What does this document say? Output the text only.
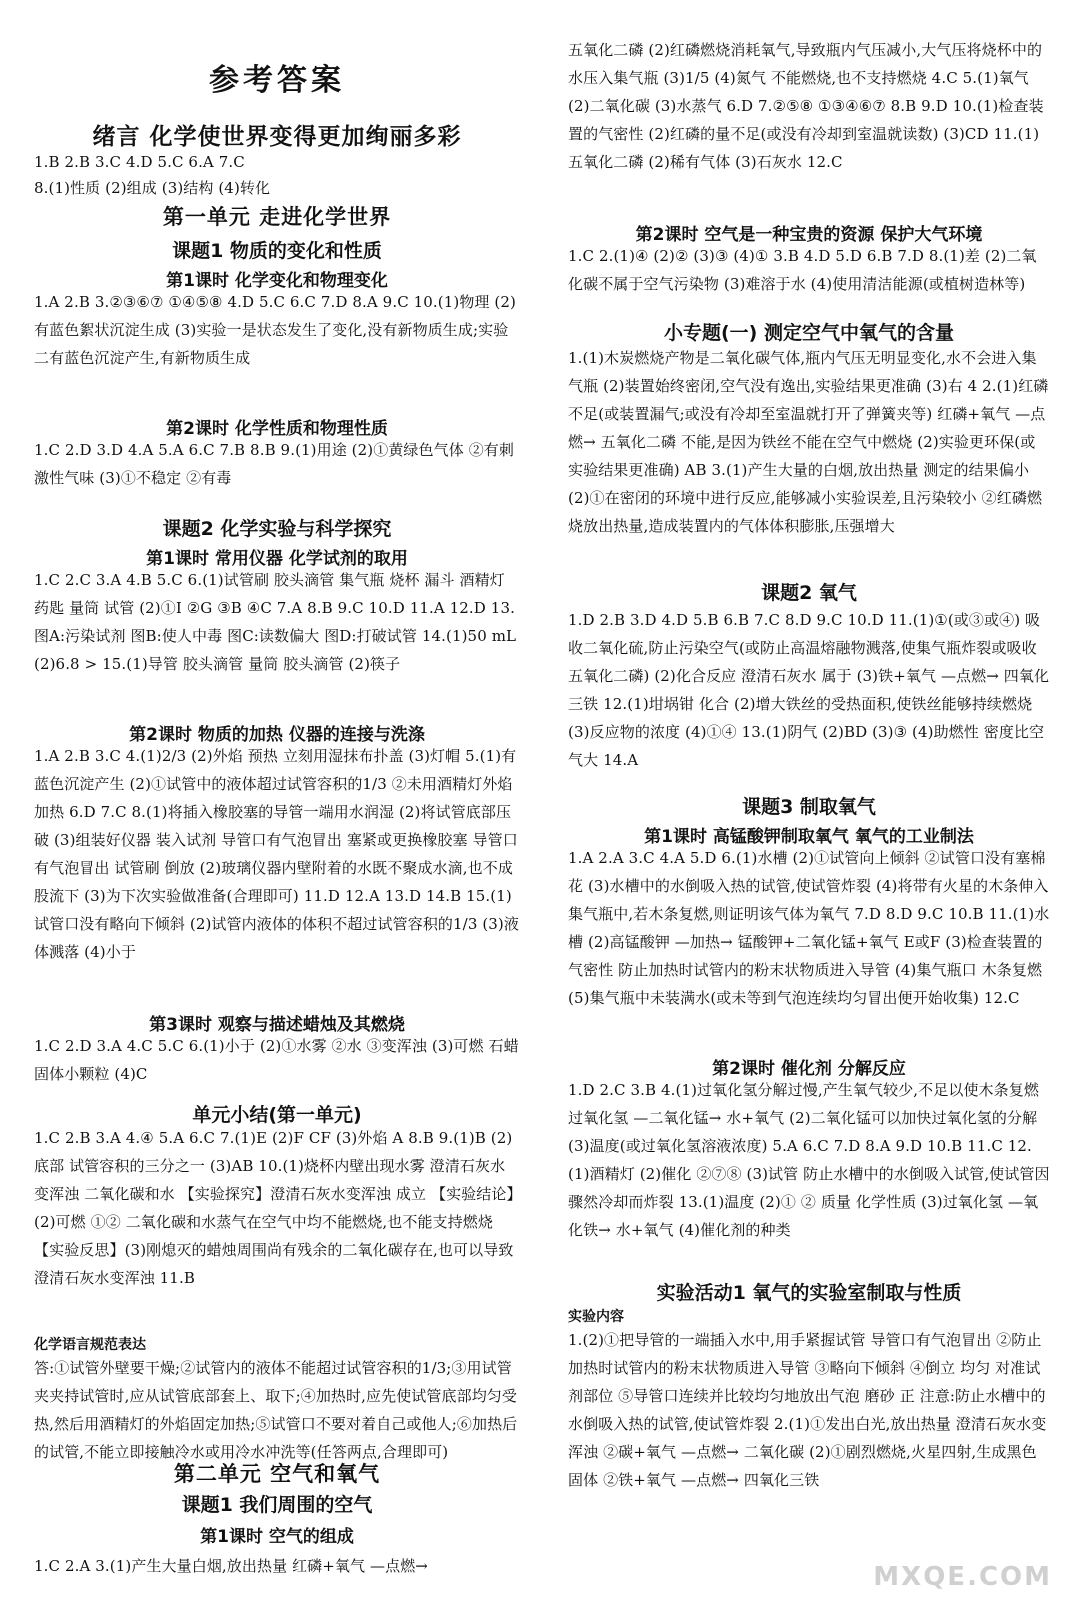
参考答案
绪言 化学使世界变得更加绚丽多彩
1.B 2.B 3.C 4.D 5.C 6.A 7.C
8.(1)性质 (2)组成 (3)结构 (4)转化
第一单元 走进化学世界
课题1 物质的变化和性质
第1课时 化学变化和物理变化
1.A 2.B 3.②③⑥⑦ ①④⑤⑧ 4.D 5.C 6.C 7.D 8.A 9.C 10.(1)物理 (2)有蓝色絮状沉淀生成 (3)实验一是状态发生了变化,没有新物质生成;实验二有蓝色沉淀产生,有新物质生成
第2课时 化学性质和物理性质
1.C 2.D 3.D 4.A 5.A 6.C 7.B 8.B 9.(1)用途 (2)①黄绿色气体 ②有刺激性气味 (3)①不稳定 ②有毒
课题2 化学实验与科学探究
第1课时 常用仪器 化学试剂的取用
1.C 2.C 3.A 4.B 5.C 6.(1)试管刷 胶头滴管 集气瓶 烧杯 漏斗 酒精灯 药匙 量筒 试管 (2)①I ②G ③B ④C 7.A 8.B 9.C 10.D 11.A 12.D 13.图A:污染试剂 图B:使人中毒 图C:读数偏大 图D:打破试管 14.(1)50 mL (2)6.8 > 15.(1)导管 胶头滴管 量筒 胶头滴管 (2)筷子
第2课时 物质的加热 仪器的连接与洗涤
1.A 2.B 3.C 4.(1)2/3 (2)外焰 预热 立刻用湿抹布扑盖 (3)灯帽 5.(1)有蓝色沉淀产生 (2)①试管中的液体超过试管容积的1/3 ②未用酒精灯外焰加热 6.D 7.C 8.(1)将插入橡胶塞的导管一端用水润湿 (2)将试管底部压破 (3)组装好仪器 装入试剂 导管口有气泡冒出 塞紧或更换橡胶塞 导管口有气泡冒出 试管刷 倒放 (2)玻璃仪器内壁附着的水既不聚成水滴,也不成股流下 (3)为下次实验做准备(合理即可) 11.D 12.A 13.D 14.B 15.(1)试管口没有略向下倾斜 (2)试管内液体的体积不超过试管容积的1/3 (3)液体溅落 (4)小于
第3课时 观察与描述蜡烛及其燃烧
1.C 2.D 3.A 4.C 5.C 6.(1)小于 (2)①水雾 ②水 ③变浑浊 (3)可燃 石蜡固体小颗粒 (4)C
单元小结(第一单元)
1.C 2.B 3.A 4.④ 5.A 6.C 7.(1)E (2)F CF (3)外焰 A 8.B 9.(1)B (2)底部 试管容积的三分之一 (3)AB 10.(1)烧杯内壁出现水雾 澄清石灰水变浑浊 二氧化碳和水 【实验探究】澄清石灰水变浑浊 成立 【实验结论】(2)可燃 ①② 二氧化碳和水蒸气在空气中均不能燃烧,也不能支持燃烧 【实验反思】(3)刚熄灭的蜡烛周围尚有残余的二氧化碳存在,也可以导致澄清石灰水变浑浊 11.B
化学语言规范表达
答:①试管外壁要干燥;②试管内的液体不能超过试管容积的1/3;③用试管夹夹持试管时,应从试管底部套上、取下;④加热时,应先使试管底部均匀受热,然后用酒精灯的外焰固定加热;⑤试管口不要对着自己或他人;⑥加热后的试管,不能立即接触冷水或用冷水冲洗等(任答两点,合理即可)
第二单元 空气和氧气
课题1 我们周围的空气
第1课时 空气的组成
1.C 2.A 3.(1)产生大量白烟,放出热量 红磷+氧气 —点燃→
五氧化二磷 (2)红磷燃烧消耗氧气,导致瓶内气压减小,大气压将烧杯中的水压入集气瓶 (3)1/5 (4)氮气 不能燃烧,也不支持燃烧 4.C 5.(1)氧气 (2)二氧化碳 (3)水蒸气 6.D 7.②⑤⑧ ①③④⑥⑦ 8.B 9.D 10.(1)检查装置的气密性 (2)红磷的量不足(或没有冷却到室温就读数) (3)CD 11.(1)五氧化二磷 (2)稀有气体 (3)石灰水 12.C
第2课时 空气是一种宝贵的资源 保护大气环境
1.C 2.(1)④ (2)② (3)③ (4)① 3.B 4.D 5.D 6.B 7.D 8.(1)差 (2)二氧化碳不属于空气污染物 (3)难溶于水 (4)使用清洁能源(或植树造林等)
小专题(一) 测定空气中氧气的含量
1.(1)木炭燃烧产物是二氧化碳气体,瓶内气压无明显变化,水不会进入集气瓶 (2)装置始终密闭,空气没有逸出,实验结果更准确 (3)右 4 2.(1)红磷不足(或装置漏气;或没有冷却至室温就打开了弹簧夹等) 红磷+氧气 —点燃→ 五氧化二磷 不能,是因为铁丝不能在空气中燃烧 (2)实验更环保(或实验结果更准确) AB 3.(1)产生大量的白烟,放出热量 测定的结果偏小 (2)①在密闭的环境中进行反应,能够减小实验误差,且污染较小 ②红磷燃烧放出热量,造成装置内的气体体积膨胀,压强增大
课题2 氧气
1.D 2.B 3.D 4.D 5.B 6.B 7.C 8.D 9.C 10.D 11.(1)①(或③或④) 吸收二氧化硫,防止污染空气(或防止高温熔融物溅落,使集气瓶炸裂或吸收五氧化二磷) (2)化合反应 澄清石灰水 属于 (3)铁+氧气 —点燃→ 四氧化三铁 12.(1)坩埚钳 化合 (2)增大铁丝的受热面积,使铁丝能够持续燃烧 (3)反应物的浓度 (4)①④ 13.(1)阴气 (2)BD (3)③ (4)助燃性 密度比空气大 14.A
课题3 制取氧气
第1课时 高锰酸钾制取氧气 氧气的工业制法
1.A 2.A 3.C 4.A 5.D 6.(1)水槽 (2)①试管向上倾斜 ②试管口没有塞棉花 (3)水槽中的水倒吸入热的试管,使试管炸裂 (4)将带有火星的木条伸入集气瓶中,若木条复燃,则证明该气体为氧气 7.D 8.D 9.C 10.B 11.(1)水槽 (2)高锰酸钾 —加热→ 锰酸钾+二氧化锰+氧气 E或F (3)检查装置的气密性 防止加热时试管内的粉末状物质进入导管 (4)集气瓶口 木条复燃 (5)集气瓶中未装满水(或未等到气泡连续均匀冒出便开始收集) 12.C
第2课时 催化剂 分解反应
1.D 2.C 3.B 4.(1)过氧化氢分解过慢,产生氧气较少,不足以使木条复燃 过氧化氢 —二氧化锰→ 水+氧气 (2)二氧化锰可以加快过氧化氢的分解 (3)温度(或过氧化氢溶液浓度) 5.A 6.C 7.D 8.A 9.D 10.B 11.C 12.(1)酒精灯 (2)催化 ②⑦⑧ (3)试管 防止水槽中的水倒吸入试管,使试管因骤然冷却而炸裂 13.(1)温度 (2)① ② 质量 化学性质 (3)过氧化氢 —氧化铁→ 水+氧气 (4)催化剂的种类
实验活动1 氧气的实验室制取与性质
实验内容
1.(2)①把导管的一端插入水中,用手紧握试管 导管口有气泡冒出 ②防止加热时试管内的粉末状物质进入导管 ③略向下倾斜 ④倒立 均匀 对准试剂部位 ⑤导管口连续并比较均匀地放出气泡 磨砂 正 注意:防止水槽中的水倒吸入热的试管,使试管炸裂 2.(1)①发出白光,放出热量 澄清石灰水变浑浊 ②碳+氧气 —点燃→ 二氧化碳 (2)①剧烈燃烧,火星四射,生成黑色固体 ②铁+氧气 —点燃→ 四氧化三铁
MXQE.COM
